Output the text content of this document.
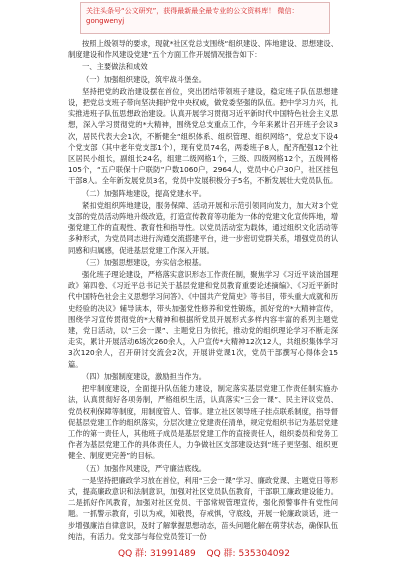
关注头条号“公文研究”，获得最新最全最专业的公文资料库！ 微信：gongwenyj

按照上级领导的要求，现就*社区党总支围绕“组织建设、阵地建设、思想建设、制度建设和作风建设党建”五个方面工作开展情况报告如下：

一、主要做法和成效

（一）加强组织建设，筑牢战斗堡垒。

坚持把党的政治建设摆在首位，突出团结带领班子建设，稳定班子队伍思想建设，把党总支班子带向坚决拥护党中央权威，做党委坚强的队伍。把中学习力兴，扎实推进班子队伍思想政治建设。认真开展学习贯彻习近平新时代中国特色社会主义思想，深入学习贯彻党的*大精神，围绕党总支重点工作，今年来累计召开班子会议3次，居民代表大会1次，不断健全“组织体系、组织管理、组织网络”，党总支下设4个党支部（其中老年党支部1个），现有党员74名，两委班子8人，配齐配强12个社区居民小组长，副组长24名，组建二级网格1个，三级、四级网格12个，五级网格105个，“五户联保十户联防”户数1060户，2964人，党员中心户30户，社区挂包干部8人。全年新发展党员3名，党员中发展积极分子5名，不断发展壮大党员队伍。

（二）加强阵地建设，提高党建水平。

紧扣党组织阵地建设，服务保障、活动开展和示范引领同向发力，加大对3个党支部的党员活动阵地升级改造，打造宣传教育等功能为一体的党建文化宣传阵地，增强党建工作的直观性、教育性和指导性。以党员活动室为载体，通过组织文化活动等多种形式，为党员同志进行沟通交流搭建平台，进一步密切党群关系，增强党员的认同感和归属感，促进基层党建工作深入开展。

（三）加强思想建设，夯实信念根基。

强化班子理论建设，严格落实意识形态工作责任制，聚焦学习《习近平谈治国理政》第四卷、《习近平总书记关于基层党建和党员教育重要论述摘编》、《习近平新时代中国特色社会主义思想学习问答》、《中国共产党简史》等书目，带头重大成就和历史经验的决议》辅导读本，带头加强党性修养和党性锻炼，抓好党的*大精神宣传，围绕学习宣传贯彻党的*大精神和根据所党员开展形式多样内容丰富的系列主题党建，党日活动，以“三会一课”、主题党日为依托，推动党的组织理论学习不断走深走实，累计开展活动6场次260余人，入户宣传*大精神12次12人，共组织集体学习3次120余人，召开研讨交流会2次，开展讲党课1次，党员干部撰写心得体会15篇。

（四）加强制度建设，激励担当作为。

把牢制度建设，全面提升队伍能力建设，制定落实基层党建工作责任制实施办法，认真贯彻好各项务制，严格组织生活，认真落实“三会一课”、民主评议党员、党员权利保障等制度，用制度管人、管事。建立社区领导班子挂点联系制度，指导督促基层党建工作的组织落实，分层次建立党建责任清单，规定党组织书记为基层党建工作的第一责任人，其他班子成员是基层党建工作的直接责任人，组织委员和党务工作者为基层党建工作的具体责任人，力争做社区支部建设达到“班子更坚强、组织更健全、制度更完善”的目标。

（五）加强作风建设，严守廉洁底线。

一是坚持把廉政学习放在首位，利用“三会一课”学习、廉政党课、主题党日等形式，提高廉政意识和法制意识，加强对社区党员队伍教育，干部职工廉政建设能力。二是抓好作风教育，加强对社区党员、干部常规管理宣传，强化预警事件有党性问题。一抓警示教育，引以为戒，知敬畏，存戒惧，守底线，开展一轮廉政谈话，进一步增强廉洁自律意识，及时了解掌握思想动态，苗头问题化解在萌芽状态，确保队伍纯洁，有活力。党支部与每位党员签订一份

QQ 群: 31991489 QQ 群: 535304092
